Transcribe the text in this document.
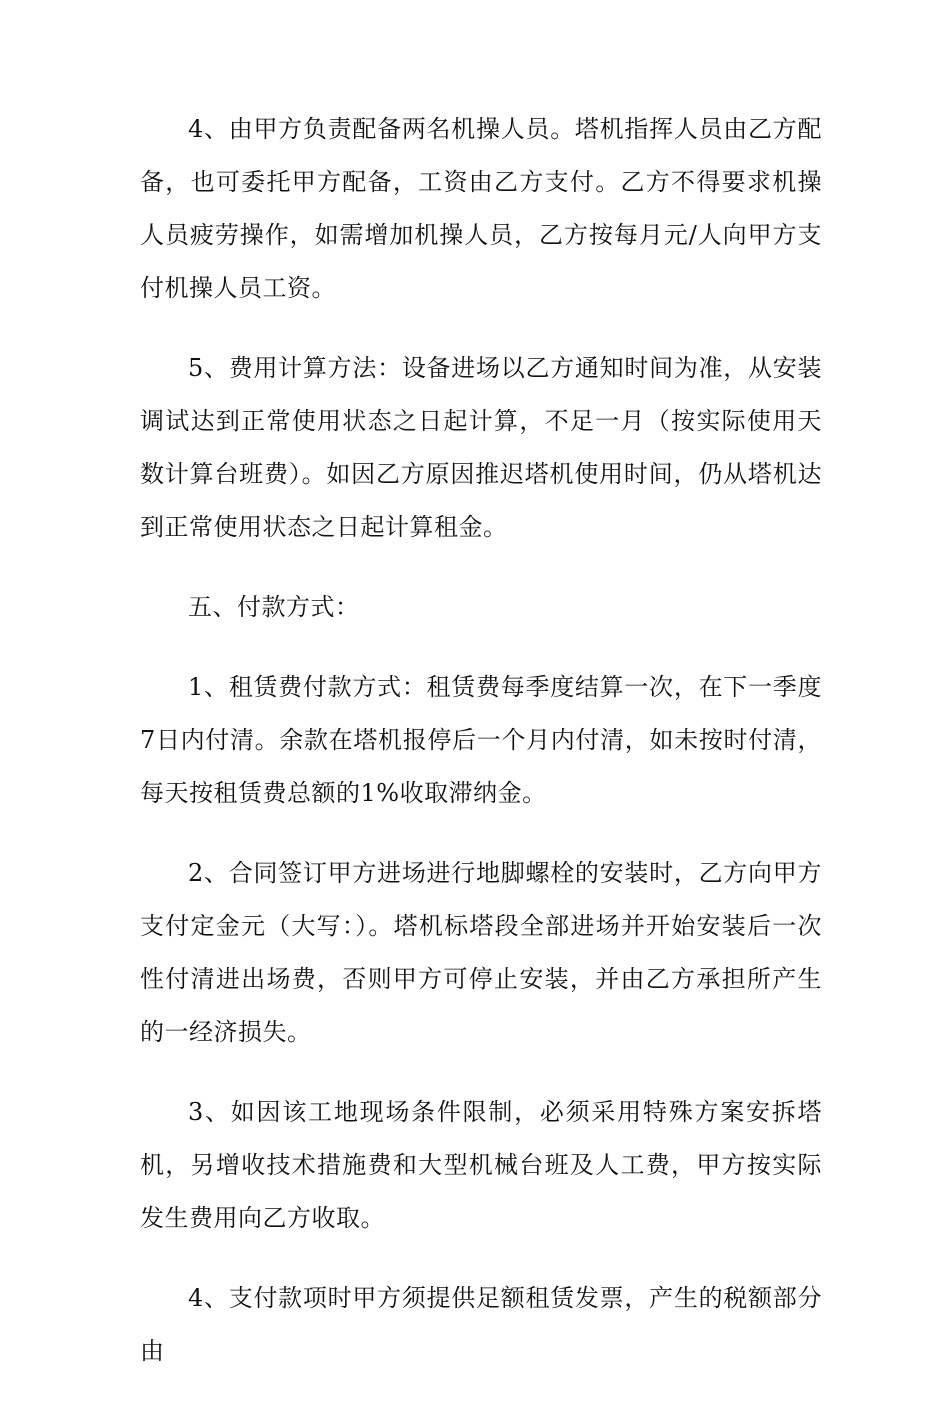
4、由甲方负责配备两名机操人员。塔机指挥人员由乙方配备，也可委托甲方配备，工资由乙方支付。乙方不得要求机操人员疲劳操作，如需增加机操人员，乙方按每月元/人向甲方支付机操人员工资。

5、费用计算方法：设备进场以乙方通知时间为准，从安装调试达到正常使用状态之日起计算，不足一月（按实际使用天数计算台班费）。如因乙方原因推迟塔机使用时间，仍从塔机达到正常使用状态之日起计算租金。

五、付款方式：

1、租赁费付款方式：租赁费每季度结算一次，在下一季度7日内付清。余款在塔机报停后一个月内付清，如未按时付清，每天按租赁费总额的1%收取滞纳金。

2、合同签订甲方进场进行地脚螺栓的安装时，乙方向甲方支付定金元（大写：）。塔机标塔段全部进场并开始安装后一次性付清进出场费，否则甲方可停止安装，并由乙方承担所产生的一经济损失。

3、如因该工地现场条件限制，必须采用特殊方案安拆塔机，另增收技术措施费和大型机械台班及人工费，甲方按实际发生费用向乙方收取。

4、支付款项时甲方须提供足额租赁发票，产生的税额部分由
